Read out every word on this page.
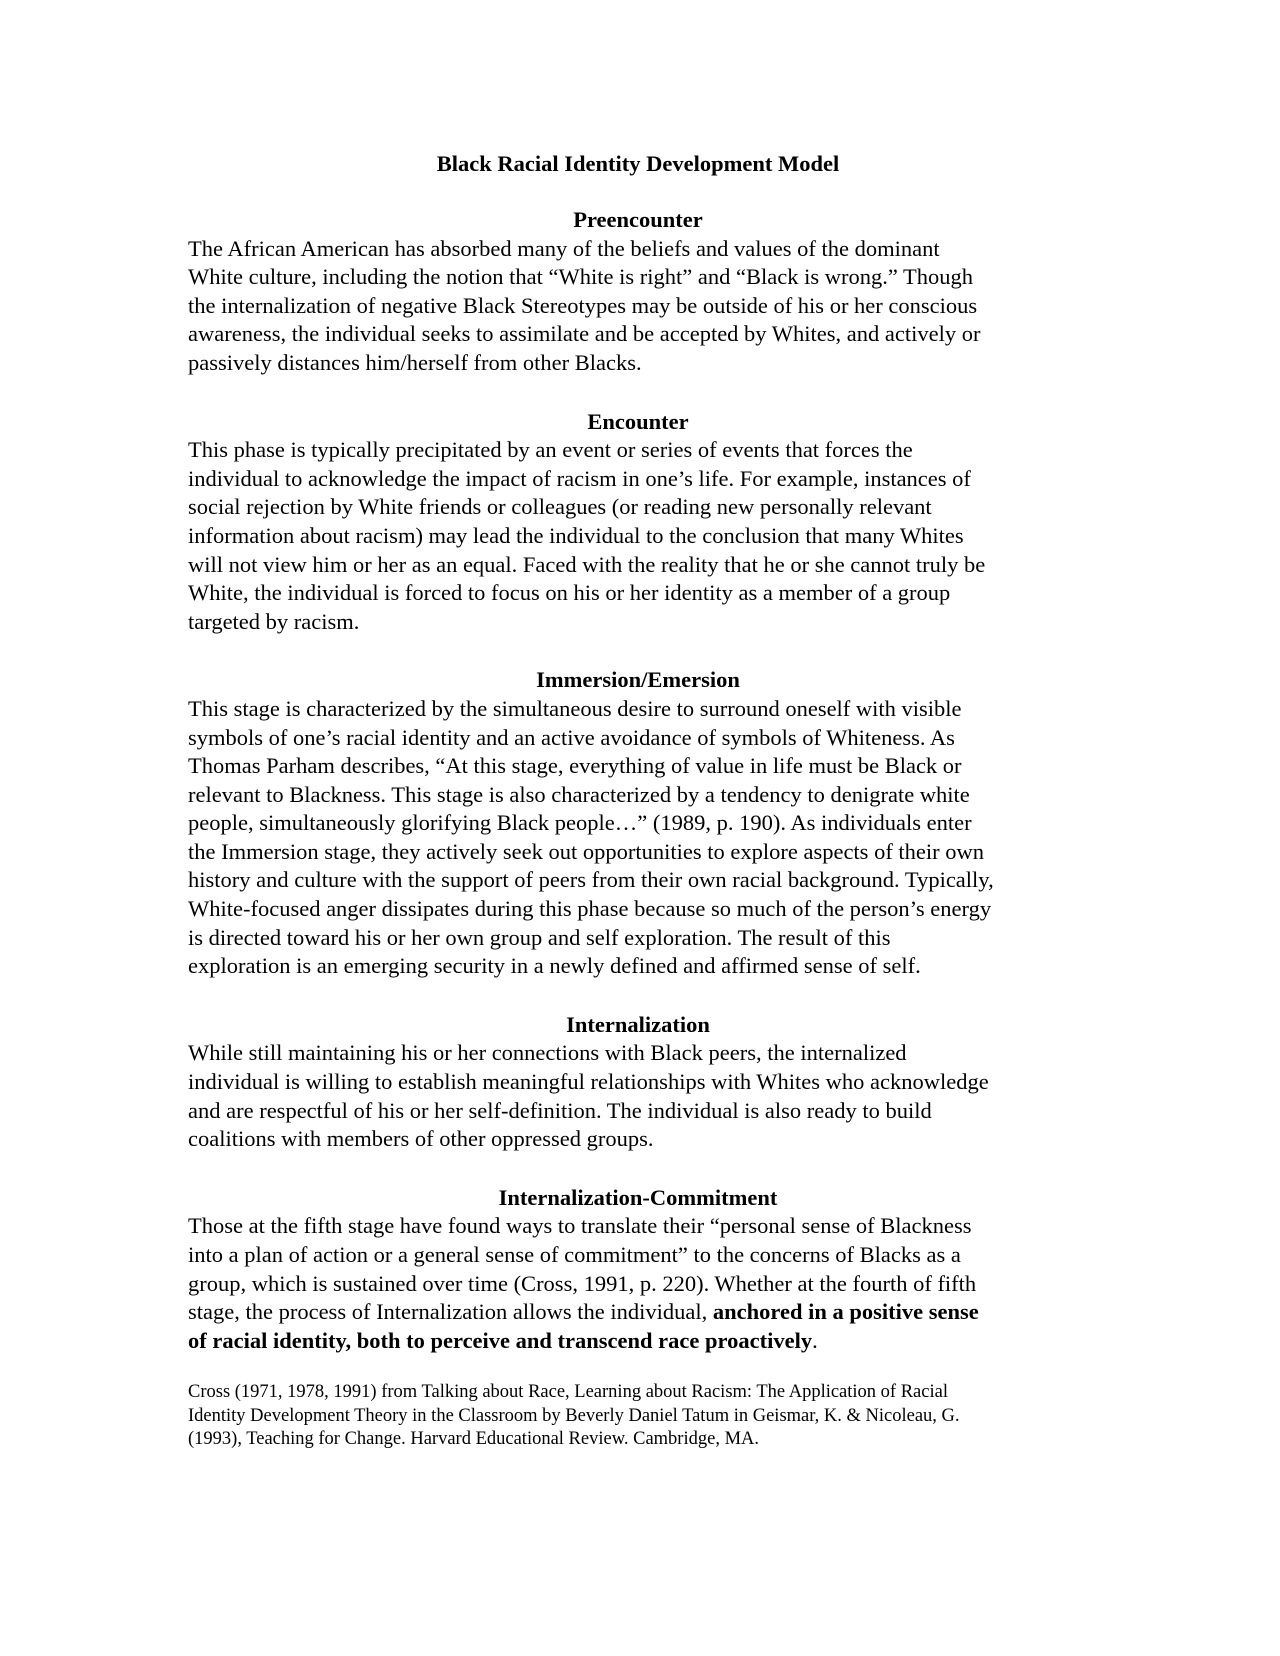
Black Racial Identity Development Model
Preencounter
The African American has absorbed many of the beliefs and values of the dominant
White culture, including the notion that “White is right” and “Black is wrong.” Though
the internalization of negative Black Stereotypes may be outside of his or her conscious
awareness, the individual seeks to assimilate and be accepted by Whites, and actively or
passively distances him/herself from other Blacks.
Encounter
This phase is typically precipitated by an event or series of events that forces the
individual to acknowledge the impact of racism in one’s life. For example, instances of
social rejection by White friends or colleagues (or reading new personally relevant
information about racism) may lead the individual to the conclusion that many Whites
will not view him or her as an equal. Faced with the reality that he or she cannot truly be
White, the individual is forced to focus on his or her identity as a member of a group
targeted by racism.
Immersion/Emersion
This stage is characterized by the simultaneous desire to surround oneself with visible
symbols of one’s racial identity and an active avoidance of symbols of Whiteness. As
Thomas Parham describes, “At this stage, everything of value in life must be Black or
relevant to Blackness. This stage is also characterized by a tendency to denigrate white
people, simultaneously glorifying Black people…” (1989, p. 190). As individuals enter
the Immersion stage, they actively seek out opportunities to explore aspects of their own
history and culture with the support of peers from their own racial background. Typically,
White-focused anger dissipates during this phase because so much of the person’s energy
is directed toward his or her own group and self exploration. The result of this
exploration is an emerging security in a newly defined and affirmed sense of self.
Internalization
While still maintaining his or her connections with Black peers, the internalized
individual is willing to establish meaningful relationships with Whites who acknowledge
and are respectful of his or her self-definition. The individual is also ready to build
coalitions with members of other oppressed groups.
Internalization-Commitment
Those at the fifth stage have found ways to translate their “personal sense of Blackness
into a plan of action or a general sense of commitment” to the concerns of Blacks as a
group, which is sustained over time (Cross, 1991, p. 220). Whether at the fourth of fifth
stage, the process of Internalization allows the individual, anchored in a positive sense
of racial identity, both to perceive and transcend race proactively.
Cross (1971, 1978, 1991) from Talking about Race, Learning about Racism: The Application of Racial
Identity Development Theory in the Classroom by Beverly Daniel Tatum in Geismar, K. & Nicoleau, G.
(1993), Teaching for Change. Harvard Educational Review. Cambridge, MA.
